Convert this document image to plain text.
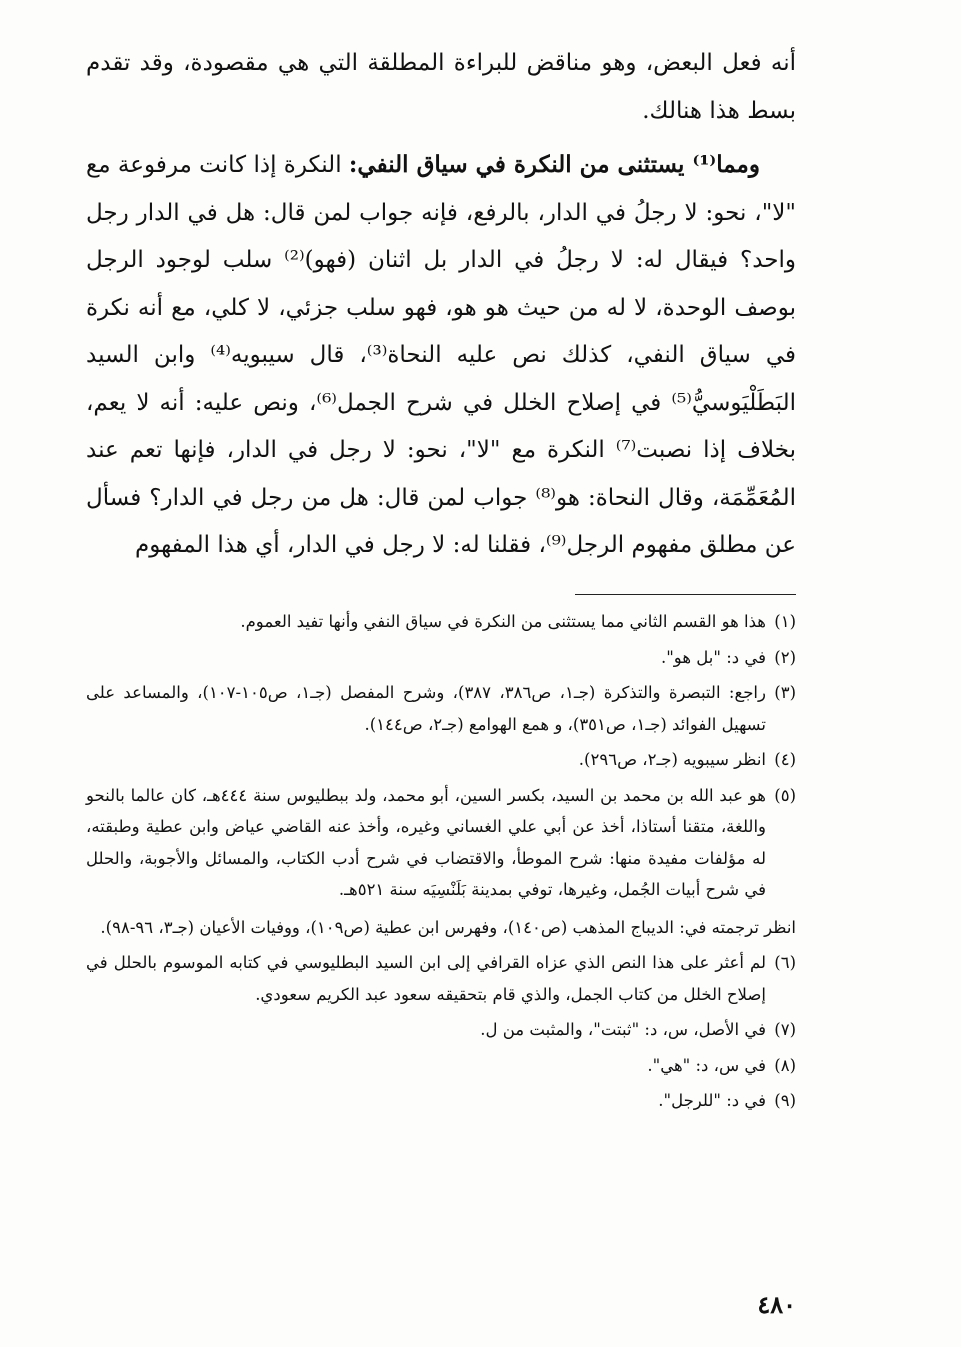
أنه فعل البعض، وهو مناقض للبراءة المطلقة التي هي مقصودة، وقد تقدم بسط هذا هنالك.

ومما⁽¹⁾ يستثنى من النكرة في سياق النفي: النكرة إذا كانت مرفوعة مع "لا"، نحو: لا رجلُ في الدار، بالرفع، فإنه جواب لمن قال: هل في الدار رجل واحد؟ فيقال له: لا رجلُ في الدار بل اثنان (فهو)⁽²⁾ سلب لوجود الرجل بوصف الوحدة، لا له من حيث هو هو، فهو سلب جزئي، لا كلي، مع أنه نكرة في سياق النفي، كذلك نص عليه النحاة⁽³⁾، قال سيبويه⁽⁴⁾ وابن السيد البَطَلْيَوسيُّ⁽⁵⁾ في إصلاح الخلل في شرح الجمل⁽⁶⁾، ونص عليه: أنه لا يعم، بخلاف إذا نصبت⁽⁷⁾ النكرة مع "لا"، نحو: لا رجل في الدار، فإنها تعم عند المُعَمِّمَة، وقال النحاة: هو⁽⁸⁾ جواب لمن قال: هل من رجل في الدار؟ فسأل عن مطلق مفهوم الرجل⁽⁹⁾، فقلنا له: لا رجل في الدار، أي هذا المفهوم

(١)هذا هو القسم الثاني مما يستثنى من النكرة في سياق النفي وأنها تفيد العموم.

(٢)في د: "بل هو".

(٣)راجع: التبصرة والتذكرة (جـ١، ص٣٨٦، ٣٨٧)، وشرح المفصل (جـ١، ص١٠٥-١٠٧)، والمساعد على تسهيل الفوائد (جـ١، ص٣٥١)، و همع الهوامع (جـ٢، ص١٤٤).

(٤)انظر سيبويه (جـ٢، ص٢٩٦).

(٥)هو عبد الله بن محمد بن السيد، بكسر السين، أبو محمد، ولد ببطليوس سنة ٤٤٤هـ، كان عالما بالنحو واللغة، متقنا أستاذا، أخذ عن أبي علي الغساني وغيره، وأخذ عنه القاضي عياض وابن عطية وطبقته، له مؤلفات مفيدة منها: شرح الموطأ، والاقتضاب في شرح أدب الكتاب، والمسائل والأجوبة، والحلل في شرح أبيات الجُمل، وغيرها، توفي بمدينة بَلَنْسِيَه سنة ٥٢١هـ.

انظر ترجمته في: الديباج المذهب (ص١٤٠)، وفهرس ابن عطية (ص١٠٩)، ووفيات الأعيان (جـ٣، ٩٦-٩٨).

(٦)لم أعثر على هذا النص الذي عزاه القرافي إلى ابن السيد البطليوسي في كتابه الموسوم بالحلل في إصلاح الخلل من كتاب الجمل، والذي قام بتحقيقه سعود عبد الكريم سعودي.

(٧)في الأصل، س، د: "ثبتت"، والمثبت من ل.

(٨)في س، د: "هي".

(٩)في د: "للرجل".

٤٨٠
